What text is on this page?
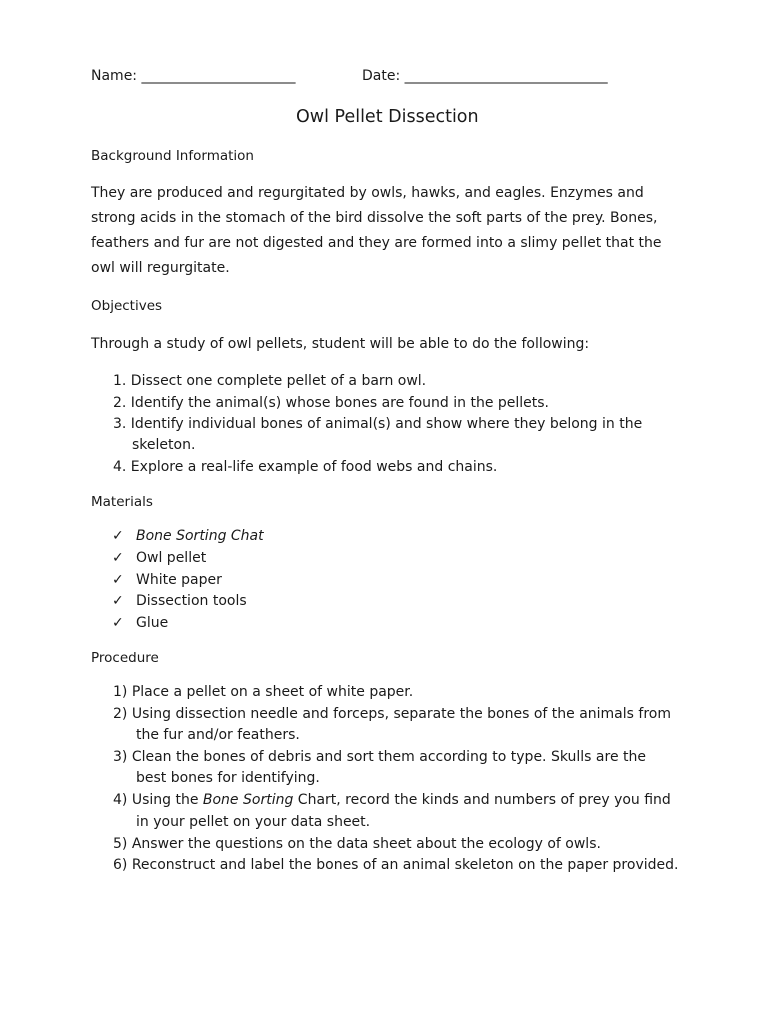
Name: ______________________	Date: _____________________________
Owl Pellet Dissection
Background Information
They are produced and regurgitated by owls, hawks, and eagles. Enzymes and
strong acids in the stomach of the bird dissolve the soft parts of the prey. Bones,
feathers and fur are not digested and they are formed into a slimy pellet that the
owl will regurgitate.
Objectives
Through a study of owl pellets, student will be able to do the following:
1. Dissect one complete pellet of a barn owl.
2. Identify the animal(s) whose bones are found in the pellets.
3. Identify individual bones of animal(s) and show where they belong in the
skeleton.
4. Explore a real-life example of food webs and chains.
Materials
✓ Bone Sorting Chat
✓ Owl pellet
✓ White paper
✓ Dissection tools
✓ Glue
Procedure
1) Place a pellet on a sheet of white paper.
2) Using dissection needle and forceps, separate the bones of the animals from
the fur and/or feathers.
3) Clean the bones of debris and sort them according to type. Skulls are the
best bones for identifying.
4) Using the Bone Sorting Chart, record the kinds and numbers of prey you find
in your pellet on your data sheet.
5) Answer the questions on the data sheet about the ecology of owls.
6) Reconstruct and label the bones of an animal skeleton on the paper provided.
